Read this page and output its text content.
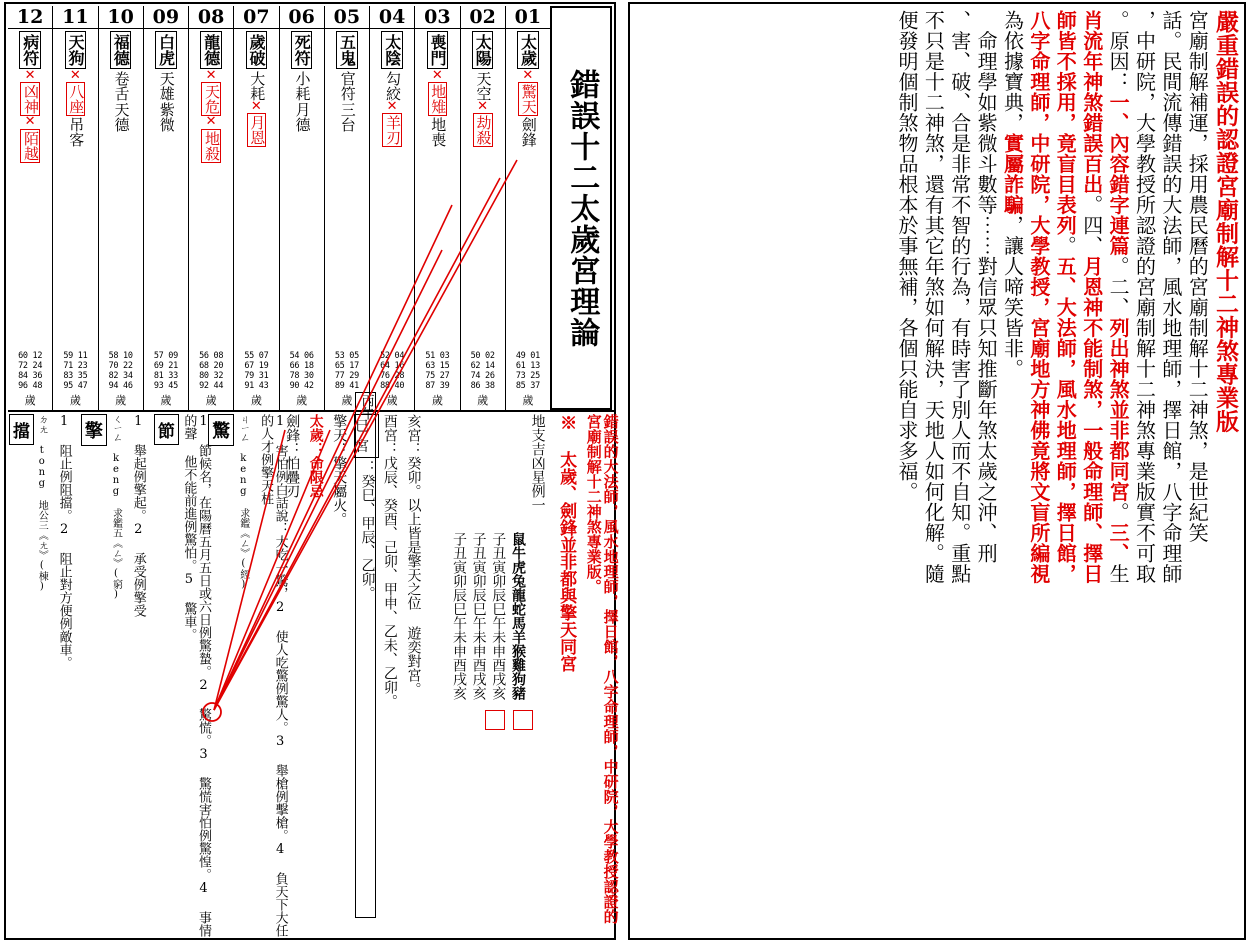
12
病符
✕
凶神
✕
陌越
60 12
72 24
84 36
96 48
歲
11
天狗
✕
八座
吊客
59 11
71 23
83 35
95 47
歲
10
福德
卷舌
天德
58 10
70 22
82 34
94 46
歲
09
白虎
天雄
紫微
57 09
69 21
81 33
93 45
歲
08
龍德
✕
天危
✕
地殺
56 08
68 20
80 32
92 44
歲
07
歲破
大耗
✕
月恩
55 07
67 19
79 31
91 43
歲
06
死符
小耗
月德
54 06
66 18
78 30
90 42
歲
05
五鬼
官符
三台
53 05
65 17
77 29
89 41
歲
04
太陰
勾絞
✕
羊刃
52 04
64 16
76 28
88 40
歲
03
喪門
✕
地雉
地喪
51 03
63 15
75 27
87 39
歲
02
太陽
天空
✕
劫殺
50 02
62 14
74 26
86 38
歲
01
太歲
✕
驚天
劍鋒
49 01
61 13
73 25
85 37
歲
錯誤十二太歲宮理論
錯誤的大法師，風水地理師，擇日館，八字命理師，中研院，大學教授認證的宮廟制解十二神煞專業版。
※ 太歲、劍鋒並非都與擎天同宮
地支吉凶星例一
鼠牛虎兔龍蛇馬羊猴雞狗豬
子丑寅卯辰巳午未申酉戌亥
子丑寅卯辰巳午未申酉戌亥
子丑寅卯辰巳午未申酉戌亥
亥宮：癸卯。以上皆是擎天之位 遊奕對宮。
酉宮：戊辰、癸酉、己卯、甲申、乙未、乙卯。
巳宮
：癸巳、甲辰、乙卯。
丙午
擎天：擎天屬火。
太歲：命限忌
劍鋒：怕疊刃
1 害怕例白話說：大吃一驚，2 使人吃驚例驚人。3 舉槍例擊槍。4 負天下大任的人才例擎天柱
ㄐㄧㄥ keng 求鑑《ㄥ》(經)
驚
1 節候名，在陽曆五月五日或六日例驚蟄。2 驚慌。3 驚慌害怕例驚惶。4 事情的聲 他不能前進例驚怕。5 驚車。
節
1 舉起例擎起。2 承受例擎受
ㄑㄧㄥ keng 求鑑五《ㄥ》(窮)
擎
1 阻止例阻擋。2 阻止對方便例敵車。
ㄉㄤ tong 地公三《ㄤ》(棟)
擋	嚴重錯誤的認證宮廟制解十二神煞專業版
宮廟制解補運，採用農民曆的宮廟制解十二神煞，是世紀笑
話。民間流傳錯誤的大法師，風水地理師，擇日館，八字命理師
，中研院，大學教授所認證的宮廟制解十二神煞專業版實不可取
。原因：一、內容錯字連篇。二、列出神煞並非都同宮。三、生
肖流年神煞錯誤百出。四、月恩神不能制煞，一般命理師、擇日
師皆不採用，竟盲目表列。五、大法師，風水地理師，擇日館，
八字命理師，中研院，大學教授，宮廟地方神佛竟將文盲所編視
為依據寶典，實屬詐騙，讓人啼笑皆非。
　命理學如紫微斗數等⋯⋯對信眾只知推斷年煞太歲之沖、刑
、害、破、合是非常不智的行為，有時害了別人而不自知。重點
不只是十二神煞，還有其它年煞如何解決，天地人如何化解。隨
便發明個制煞物品根本於事無補，各個只能自求多福。
